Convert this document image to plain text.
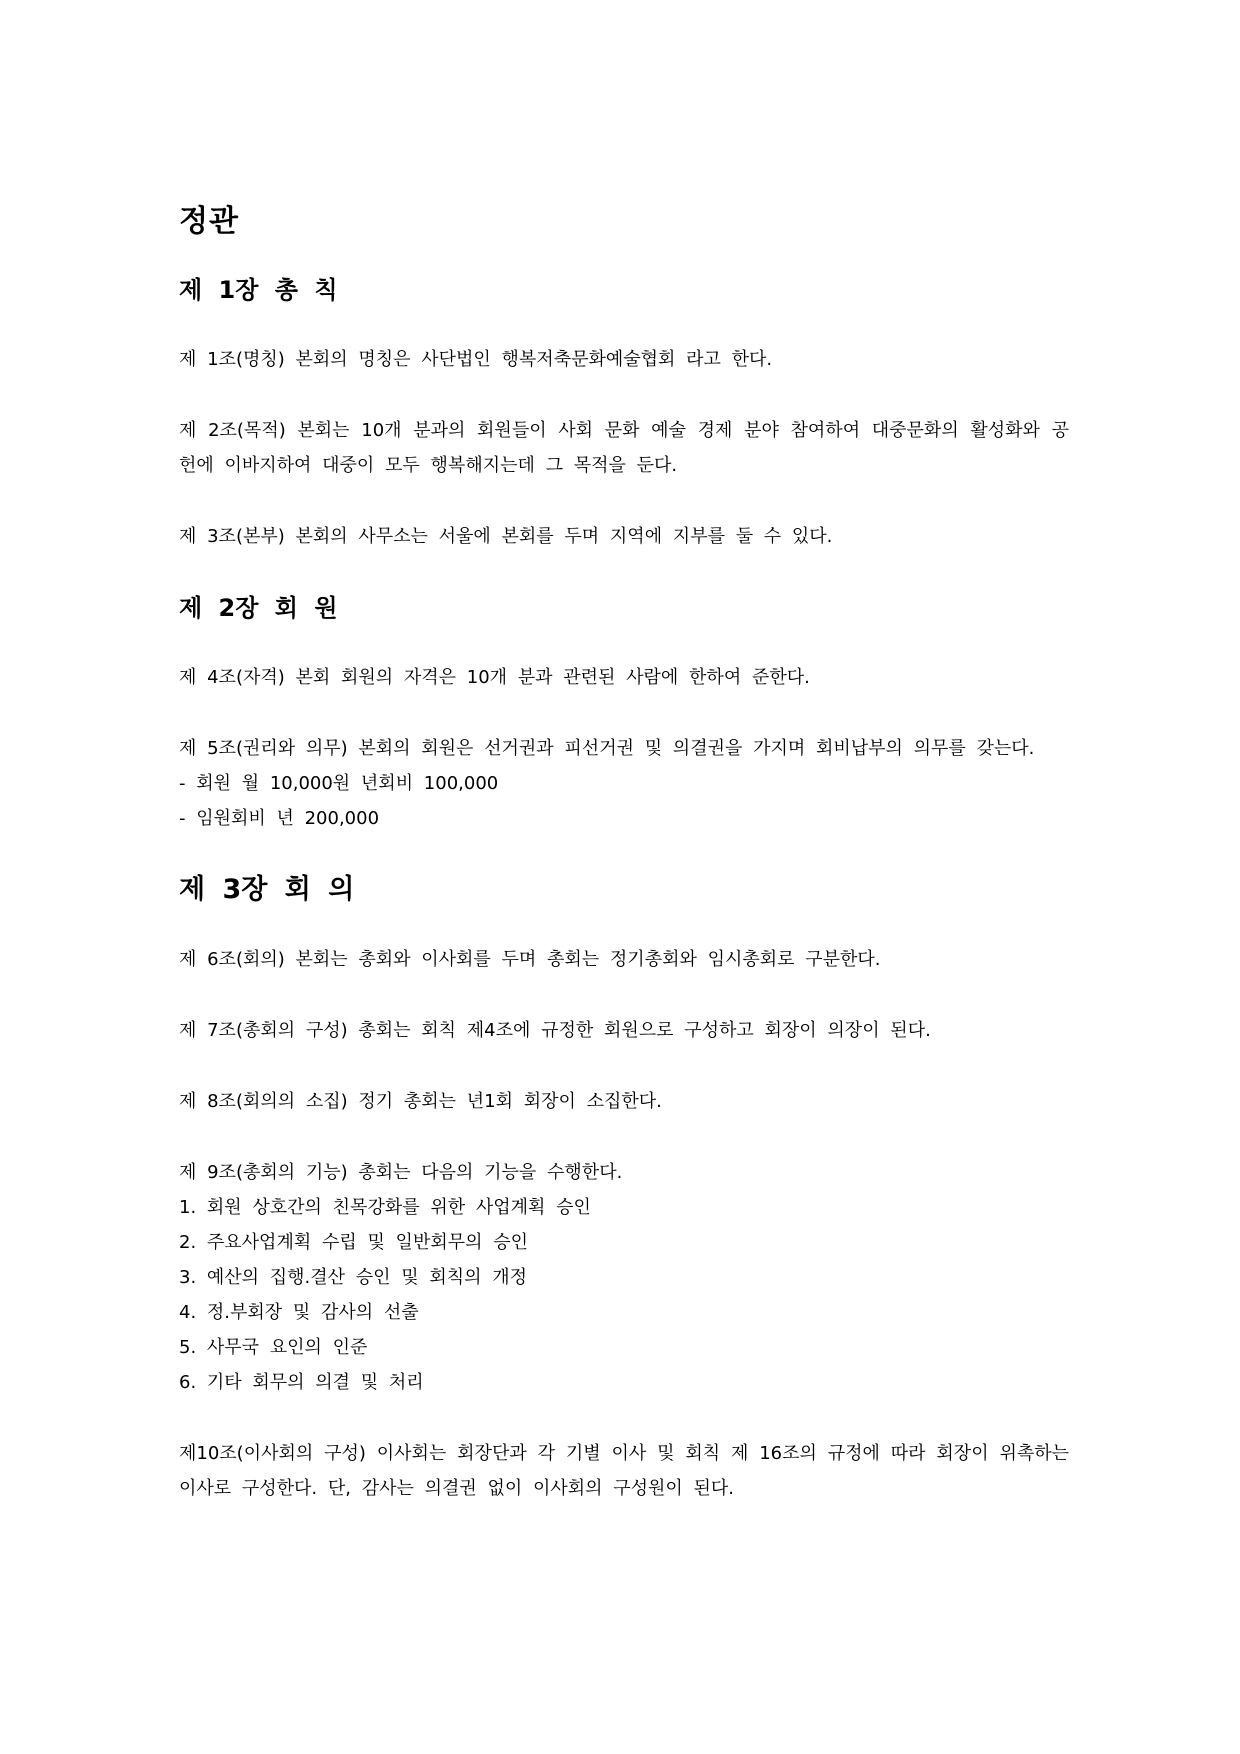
정관
제 1장 총 칙

제 1조(명칭) 본회의 명칭은 사단법인 행복저축문화예술협회 라고 한다.

제 2조(목적) 본회는 10개 분과의 회원들이 사회 문화 예술 경제 분야 참여하여 대중문화의 활성화와 공헌에 이바지하여 대중이 모두 행복해지는데 그 목적을 둔다.

제 3조(본부) 본회의 사무소는 서울에 본회를 두며 지역에 지부를 둘 수 있다.

제 2장 회 원

제 4조(자격) 본회 회원의 자격은 10개 분과 관련된 사람에 한하여 준한다.

제 5조(권리와 의무) 본회의 회원은 선거권과 피선거권 및 의결권을 가지며 회비납부의 의무를 갖는다.

- 회원 월 10,000원 년회비 100,000
- 임원회비 년 200,000
제 3장 회 의

제 6조(회의) 본회는 총회와 이사회를 두며 총회는 정기총회와 임시총회로 구분한다.

제 7조(총회의 구성) 총회는 회칙 제4조에 규정한 회원으로 구성하고 회장이 의장이 된다.

제 8조(회의의 소집) 정기 총회는 년1회 회장이 소집한다.

제 9조(총회의 기능) 총회는 다음의 기능을 수행한다.
1. 회원 상호간의 친목강화를 위한 사업계획 승인
2. 주요사업계획 수립 및 일반회무의 승인
3. 예산의 집행.결산 승인 및 회칙의 개정
4. 정.부회장 및 감사의 선출
5. 사무국 요인의 인준
6. 기타 회무의 의결 및 처리

제10조(이사회의 구성) 이사회는 회장단과 각 기별 이사 및 회칙 제 16조의 규정에 따라 회장이 위촉하는 이사로 구성한다. 단, 감사는 의결권 없이 이사회의 구성원이 된다.
